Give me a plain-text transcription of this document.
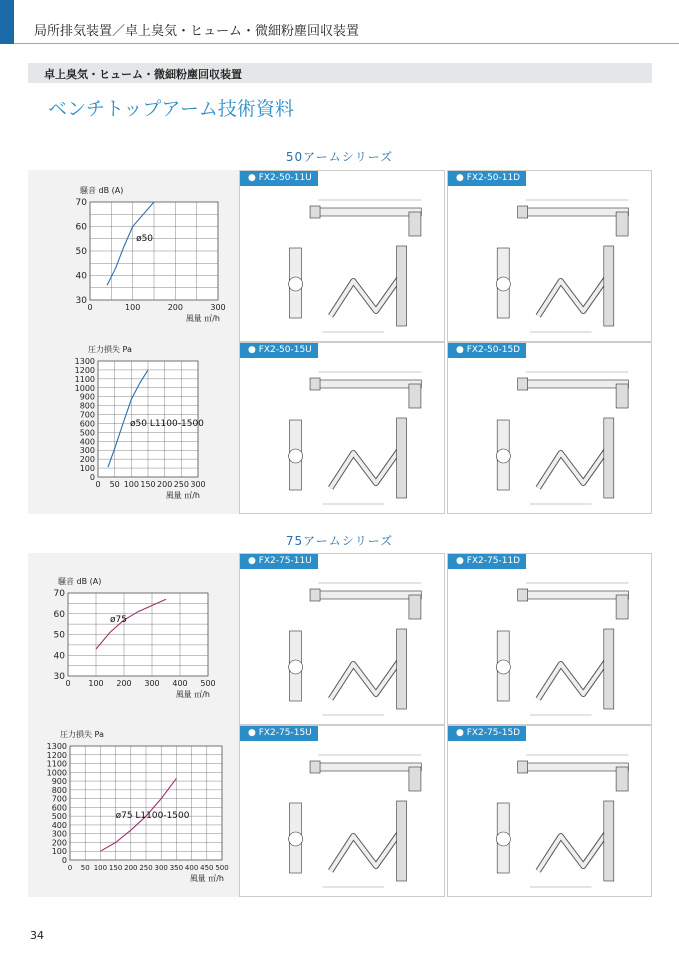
局所排気装置／卓上臭気・ヒューム・微細粉塵回収装置
卓上臭気・ヒューム・微細粉塵回収装置
ベンチトップアーム技術資料
50アームシリーズ
75アームシリーズ
30
40
50
60
70
0	100	200	300
騒音 dB (A)
風量 ㎥/h
ø50
0
100
200
300
400
500
600
700
800
900
1000
1100
1200
1300
0 50 100 150 200 250 300
圧力損失 Pa
風量 ㎥/h
ø50 L1100-1500
30
40
50
60
70
0 100 200 300 400 500
騒音 dB (A)
風量 ㎥/h
ø75
0
100
200
300
400
500
600
700
800
900
1000
1100
1200
1300
0 50 100 150 200 250 300 350 400 450 500
圧力損失 Pa
風量 ㎥/h
ø75 L1100-1500
● FX2-50-11U	● FX2-50-11D
● FX2-50-15U	● FX2-50-15D
● FX2-75-11U	● FX2-75-11D
● FX2-75-15U	● FX2-75-15D
34
